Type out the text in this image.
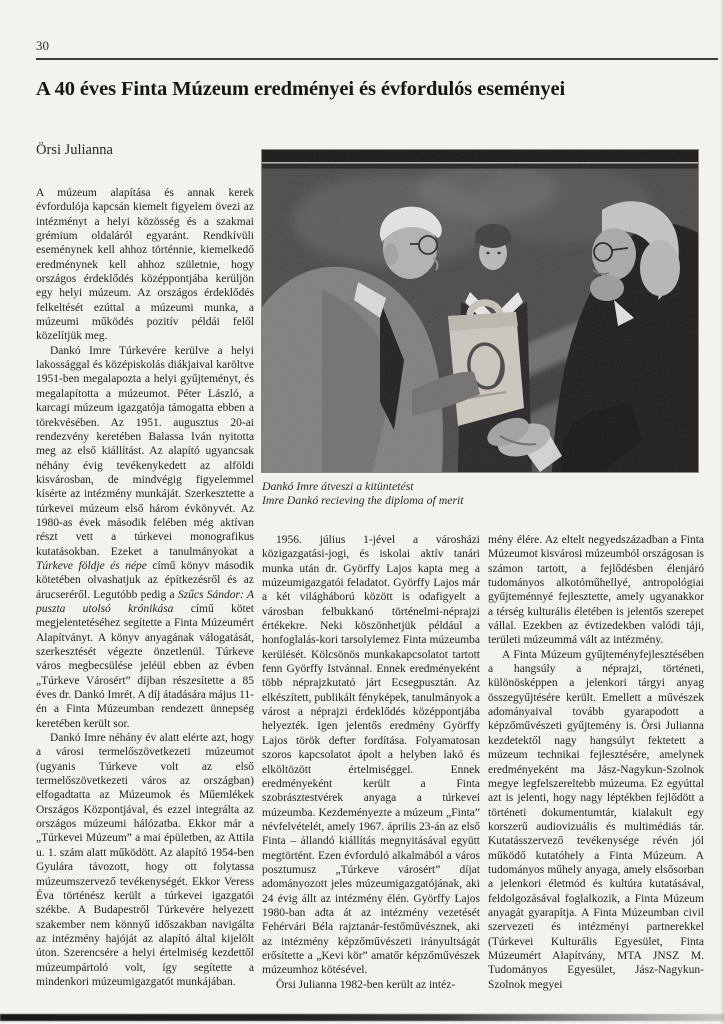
30
A 40 éves Finta Múzeum eredményei és évfordulós eseményei
Örsi Julianna
Dankó Imre átveszi a kitüntetést
Imre Dankó recieving the diploma of merit

A múzeum alapítása és annak kerek évfordulója kapcsán kiemelt figyelem övezi az intézményt a helyi közösség és a szakmai grémium oldaláról egyaránt. Rendkívüli eseménynek kell ahhoz történnie, kiemelkedő eredménynek kell ahhoz születnie, hogy országos érdeklődés középpontjába kerüljön egy helyi múzeum. Az országos érdeklődés felkeltését ezúttal a múzeumi munka, a múzeumi működés pozitív példái felől közelítjük meg.

Dankó Imre Túrkevére kerülve a helyi lakossággal és középiskolás diákjaival karöltve 1951-ben megalapozta a helyi gyűjteményt, és megalapította a múzeumot. Péter László, a karcagi múzeum igazgatója támogatta ebben a törekvésében. Az 1951. augusztus 20-ai rendezvény keretében Balassa Iván nyitotta meg az első kiállítást. Az alapító ugyancsak néhány évig tevékenykedett az alföldi kisvárosban, de mindvégig figyelemmel kísérte az intézmény munkáját. Szerkesztette a túrkevei múzeum első három évkönyvét. Az 1980-as évek második felében még aktívan részt vett a túrkevei monografikus kutatásokban. Ezeket a tanulmányokat a Túrkeve földje és népe című könyv második kötetében olvashatjuk az építkezésről és az árucseréről. Legutóbb pedig a Szűcs Sándor: A puszta utolsó krónikása című kötet megjelentetéséhez segítette a Finta Múzeumért Alapítványt. A könyv anyagának válogatását, szerkesztését végezte önzetlenül. Túrkeve város megbecsülése jeléül ebben az évben „Túrkeve Városért” díjban részesítette a 85 éves dr. Dankó Imrét. A díj átadására május 11-én a Finta Múzeumban rendezett ünnepség keretében került sor.

Dankó Imre néhány év alatt elérte azt, hogy a városi termelőszövetkezeti múzeumot (ugyanis Túrkeve volt az első termelőszövetkezeti város az országban) elfogadtatta az Múzeumok és Műemlékek Országos Központjával, és ezzel integrálta az országos múzeumi hálózatba. Ekkor már a „Túrkevei Múzeum” a mai épületben, az Attila u. 1. szám alatt működött. Az alapító 1954-ben Gyulára távozott, hogy ott folytassa múzeumszervező tevékenységét. Ekkor Veress Éva történész került a túrkevei igazgatói székbe. A Budapestről Túrkevére helyezett szakember nem könnyű időszakban navigálta az intézmény hajóját az alapító által kijelölt úton. Szerencsére a helyi értelmiség kezdettől múzeumpártoló volt, így segítette a mindenkori múzeumigazgatót munkájában.

1956. július 1-jével a városházi közigazgatási-jogi, és iskolai aktív tanári munka után dr. Györffy Lajos kapta meg a múzeumigazgatói feladatot. Györffy Lajos már a két világháború között is odafigyelt a városban felbukkanó történelmi-néprajzi értékekre. Neki köszönhetjük például a honfoglalás-kori tarsolylemez Finta múzeumba kerülését. Kölcsönös munkakapcsolatot tartott fenn Györffy Istvánnal. Ennek eredményeként több néprajzkutató járt Ecsegpusztán. Az elkészített, publikált fényképek, tanulmányok a várost a néprajzi érdeklődés középpontjába helyezték. Igen jelentős eredmény Györffy Lajos török defter fordítása. Folyamatosan szoros kapcsolatot ápolt a helyben lakó és elköltözött értelmiséggel. Ennek eredményeként került a Finta szobrásztestvérek anyaga a túrkevei múzeumba. Kezdeményezte a múzeum „Finta” névfelvételét, amely 1967. április 23-án az első Finta – állandó kiállítás megnyitásával együtt megtörtént. Ezen évforduló alkalmából a város posztumusz „Túrkeve városért” díjat adományozott jeles múzeumigazgatójának, aki 24 évig állt az intézmény élén. Györffy Lajos 1980-ban adta át az intézmény vezetését Fehérvári Béla rajztanár-festőművésznek, aki az intézmény képzőművészeti irányultságát erősítette a „Kevi kör” amatőr képzőművészek múzeumhoz kötésével.

Örsi Julianna 1982-ben került az intéz-

mény élére. Az eltelt negyedszázadban a Finta Múzeumot kisvárosi múzeumból országosan is számon tartott, a fejlődésben élenjáró tudományos alkotóműhellyé, antropológiai gyűjteménnyé fejlesztette, amely ugyanakkor a térség kulturális életében is jelentős szerepet vállal. Ezekben az évtizedekben valódi táji, területi múzeummá vált az intézmény.

A Finta Múzeum gyűjteményfejlesztésében a hangsúly a néprajzi, történeti, különösképpen a jelenkori tárgyi anyag összegyűjtésére került. Emellett a művészek adományaival tovább gyarapodott a képzőművészeti gyűjtemény is. Örsi Julianna kezdetektől nagy hangsúlyt fektetett a múzeum technikai fejlesztésére, amelynek eredményeként ma Jász-Nagykun-Szolnok megye legfelszereltebb múzeuma. Ez egyúttal azt is jelenti, hogy nagy léptékben fejlődött a történeti dokumentumtár, kialakult egy korszerű audiovizuális és multimédiás tár. Kutatásszervező tevékenysége révén jól működő kutatóhely a Finta Múzeum. A tudományos műhely anyaga, amely elsősorban a jelenkori életmód és kultúra kutatásával, feldolgozásával foglalkozik, a Finta Múzeum anyagát gyarapítja. A Finta Múzeumban civil szervezeti és intézményi partnerekkel (Túrkevei Kulturális Egyesület, Finta Múzeumért Alapítvány, MTA JNSZ M. Tudományos Egyesület, Jász-Nagykun-Szolnok megyei
